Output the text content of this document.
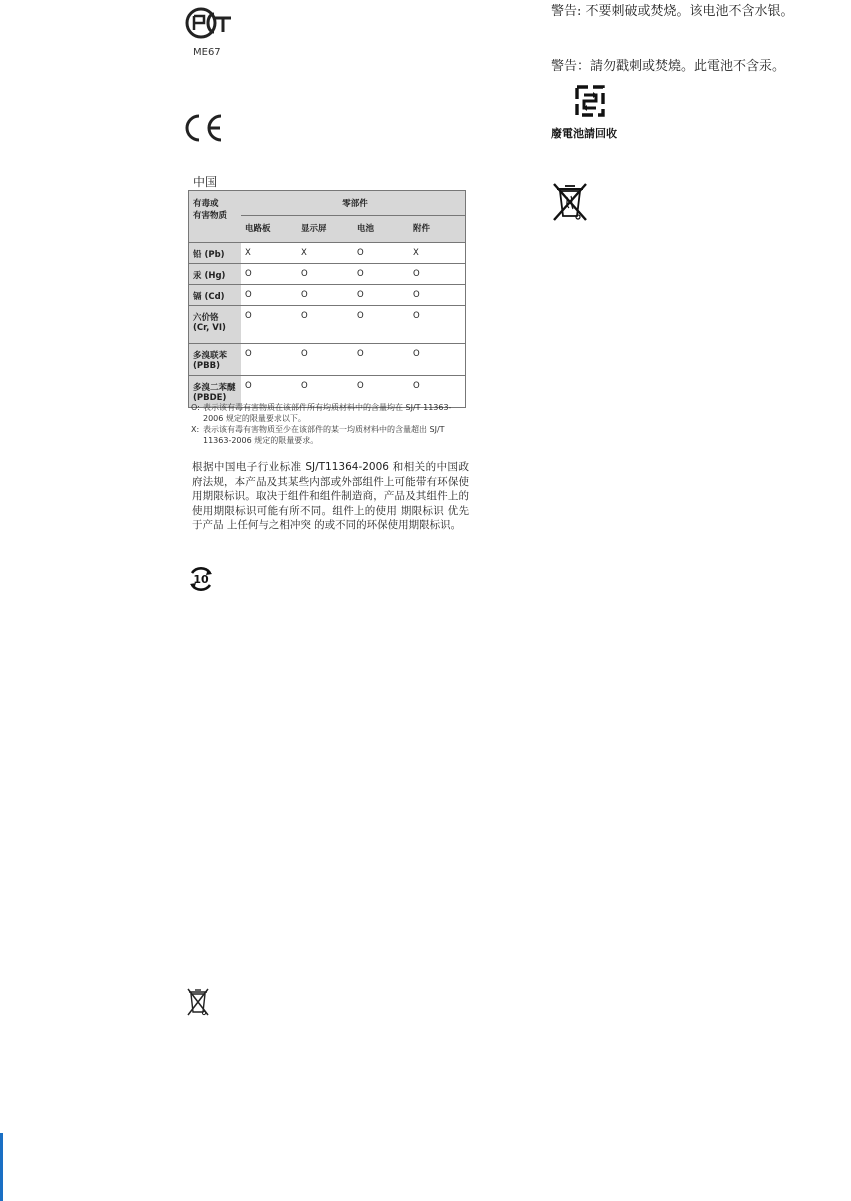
ME67
中国
有毒或
有害物质	零部件			
	电路板	显示屏	电池	附件
铅 (Pb)	X	X	O	X
汞 (Hg)	O	O	O	O
镉 (Cd)	O	O	O	O
六价铬
(Cr, VI)	O	O	O	O
多溴联苯
(PBB)	O	O	O	O
多溴二苯醚
(PBDE)	O	O	O	O
O: 表示该有毒有害物质在该部件所有均质材料中的含量均在 SJ/T 11363-2006 规定的限量要求以下。
X: 表示该有毒有害物质至少在该部件的某一均质材料中的含量超出 SJ/T 11363-2006 规定的限量要求。
根据中国电子行业标准 SJ/T11364-2006 和相关的中国政府法规，本产品及其某些内部或外部组件上可能带有环保使用期限标识。取决于组件和组件制造商，产品及其组件上的使用期限标识可能有所不同。组件上的使用 期限标识 优先于产品 上任何与之相冲突 的或不同的环保使用期限标识。
10
警告: 不要刺破或焚烧。该电池不含水银。
警告：請勿戳刺或焚燒。此電池不含汞。
廢電池請回收
